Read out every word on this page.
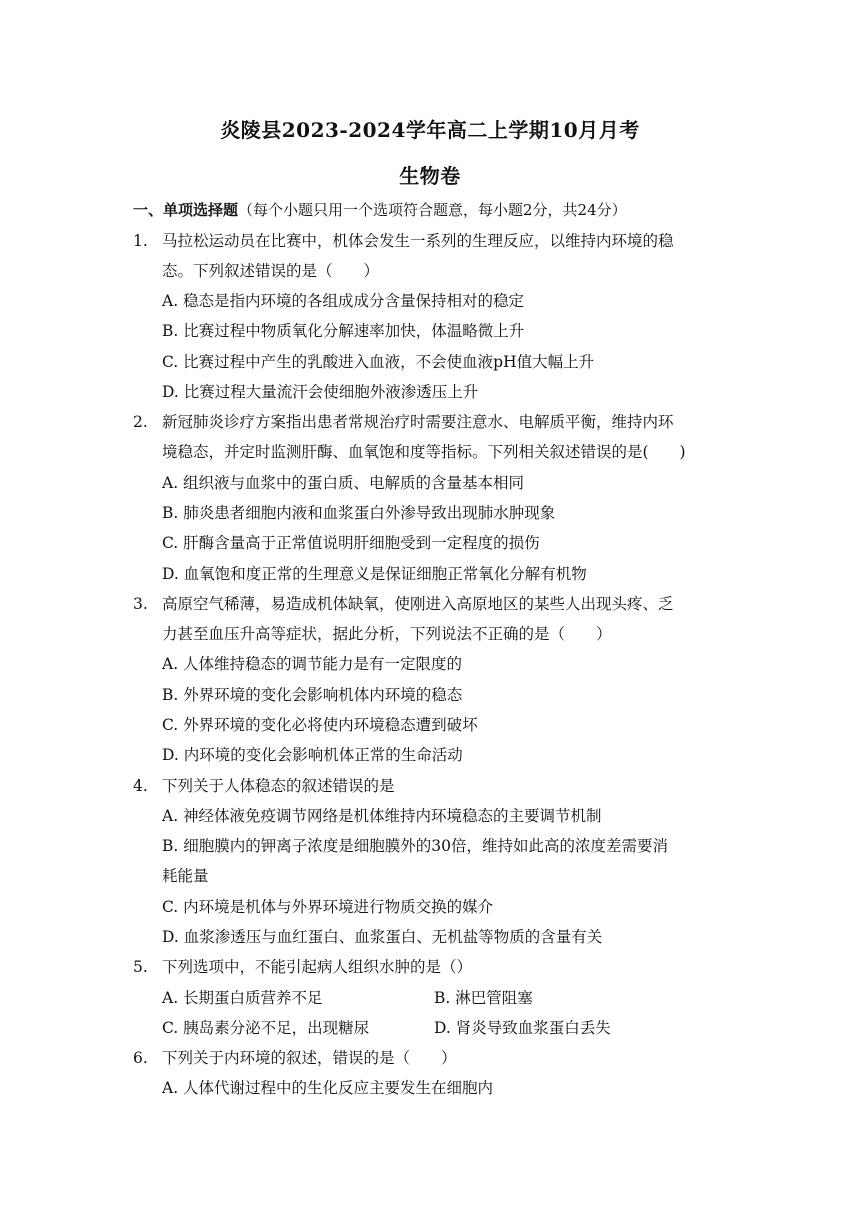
炎陵县2023-2024学年高二上学期10月月考
生物卷
一、单项选择题（每个小题只用一个选项符合题意，每小题2分，共24分）
1. 马拉松运动员在比赛中，机体会发生一系列的生理反应，以维持内环境的稳
态。下列叙述错误的是（　　）
A. 稳态是指内环境的各组成成分含量保持相对的稳定
B. 比赛过程中物质氧化分解速率加快，体温略微上升
C. 比赛过程中产生的乳酸进入血液，不会使血液pH值大幅上升
D. 比赛过程大量流汗会使细胞外液渗透压上升
2. 新冠肺炎诊疗方案指出患者常规治疗时需要注意水、电解质平衡，维持内环
境稳态，并定时监测肝酶、血氧饱和度等指标。下列相关叙述错误的是(　　)
A. 组织液与血浆中的蛋白质、电解质的含量基本相同
B. 肺炎患者细胞内液和血浆蛋白外渗导致出现肺水肿现象
C. 肝酶含量高于正常值说明肝细胞受到一定程度的损伤
D. 血氧饱和度正常的生理意义是保证细胞正常氧化分解有机物
3. 高原空气稀薄，易造成机体缺氧，使刚进入高原地区的某些人出现头疼、乏
力甚至血压升高等症状，据此分析，下列说法不正确的是（　　）
A. 人体维持稳态的调节能力是有一定限度的
B. 外界环境的变化会影响机体内环境的稳态
C. 外界环境的变化必将使内环境稳态遭到破坏
D. 内环境的变化会影响机体正常的生命活动
4. 下列关于人体稳态的叙述错误的是
A. 神经体液免疫调节网络是机体维持内环境稳态的主要调节机制
B. 细胞膜内的钾离子浓度是细胞膜外的30倍，维持如此高的浓度差需要消
耗能量
C. 内环境是机体与外界环境进行物质交换的媒介
D. 血浆渗透压与血红蛋白、血浆蛋白、无机盐等物质的含量有关
5. 下列选项中，不能引起病人组织水肿的是（）
A. 长期蛋白质营养不足	B. 淋巴管阻塞
C. 胰岛素分泌不足，出现糖尿	D. 肾炎导致血浆蛋白丢失
6. 下列关于内环境的叙述，错误的是（　　）
A. 人体代谢过程中的生化反应主要发生在细胞内
